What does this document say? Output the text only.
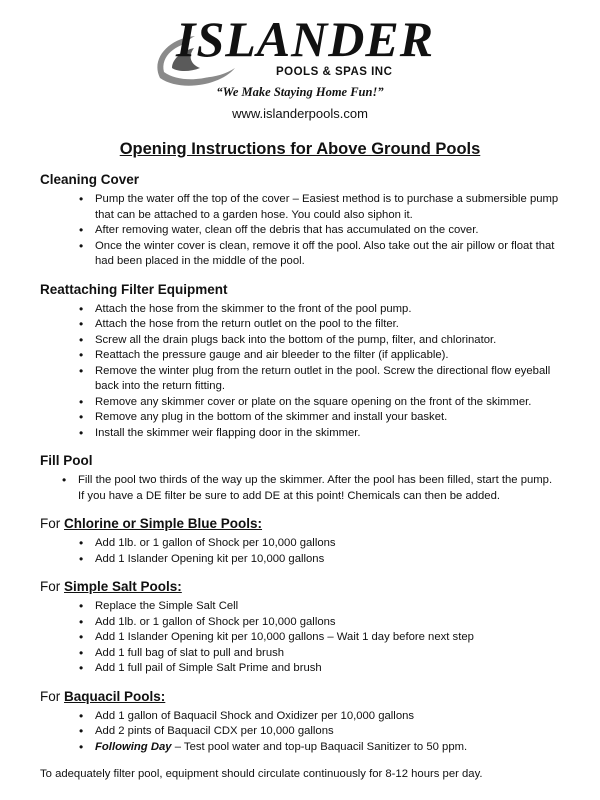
ISLANDER
POOLS & SPAS INC
“We Make Staying Home Fun!”
www.islanderpools.com
Opening Instructions for Above Ground Pools
Cleaning Cover
• Pump the water off the top of the cover – Easiest method is to purchase a submersible pump that can be attached to a garden hose. You could also siphon it.
• After removing water, clean off the debris that has accumulated on the cover.
• Once the winter cover is clean, remove it off the pool. Also take out the air pillow or float that had been placed in the middle of the pool.
Reattaching Filter Equipment
• Attach the hose from the skimmer to the front of the pool pump.
• Attach the hose from the return outlet on the pool to the filter.
• Screw all the drain plugs back into the bottom of the pump, filter, and chlorinator.
• Reattach the pressure gauge and air bleeder to the filter (if applicable).
• Remove the winter plug from the return outlet in the pool. Screw the directional flow eyeball back into the return fitting.
• Remove any skimmer cover or plate on the square opening on the front of the skimmer.
• Remove any plug in the bottom of the skimmer and install your basket.
• Install the skimmer weir flapping door in the skimmer.
Fill Pool
• Fill the pool two thirds of the way up the skimmer. After the pool has been filled, start the pump. If you have a DE filter be sure to add DE at this point! Chemicals can then be added.
For Chlorine or Simple Blue Pools:
• Add 1lb. or 1 gallon of Shock per 10,000 gallons
• Add 1 Islander Opening kit per 10,000 gallons
For Simple Salt Pools:
• Replace the Simple Salt Cell
• Add 1lb. or 1 gallon of Shock per 10,000 gallons
• Add 1 Islander Opening kit per 10,000 gallons – Wait 1 day before next step
• Add 1 full bag of slat to pull and brush
• Add 1 full pail of Simple Salt Prime and brush
For Baquacil Pools:
• Add 1 gallon of Baquacil Shock and Oxidizer per 10,000 gallons
• Add 2 pints of Baquacil CDX per 10,000 gallons
• Following Day – Test pool water and top-up Baquacil Sanitizer to 50 ppm.
To adequately filter pool, equipment should circulate continuously for 8-12 hours per day.
